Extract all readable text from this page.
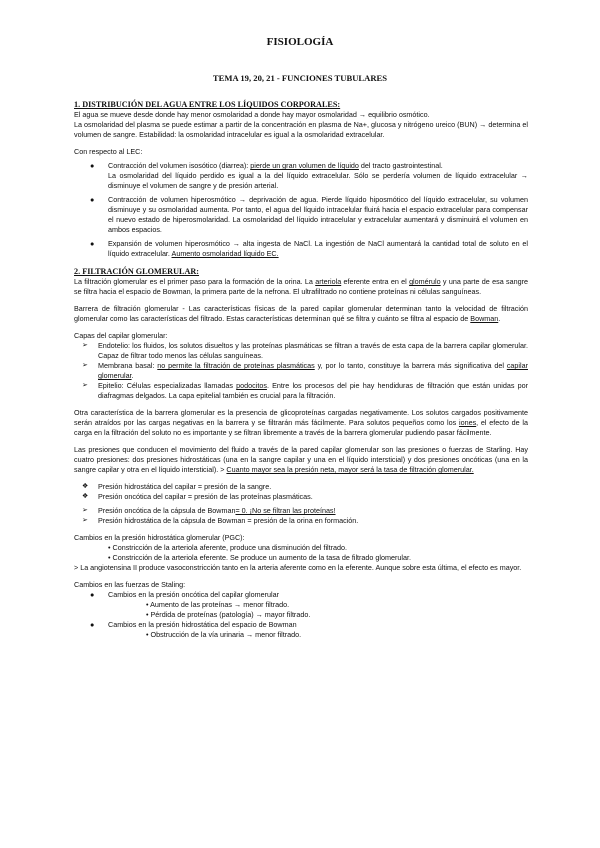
FISIOLOGÍA
TEMA 19, 20, 21 - FUNCIONES TUBULARES
1. DISTRIBUCIÓN DEL AGUA ENTRE LOS LÍQUIDOS CORPORALES:

El agua se mueve desde donde hay menor osmolaridad a donde hay mayor osmolaridad → equilibrio osmótico.

La osmolaridad del plasma se puede estimar a partir de la concentración en plasma de Na+, glucosa y nitrógeno ureico (BUN) → determina el volumen de sangre. Estabilidad: la osmolaridad intracelular es igual a la osmolaridad extracelular.

Con respecto al LEC:

● Contracción del volumen isosótico (diarrea): pierde un gran volumen de líquido del tracto gastrointestinal.
La osmolaridad del líquido perdido es igual a la del líquido extracelular. Sólo se perdería volumen de líquido extracelular → disminuye el volumen de sangre y de presión arterial.
● Contracción de volumen hiperosmótico → deprivación de agua. Pierde líquido hiposmótico del líquido extracelular, su volumen disminuye y su osmolaridad aumenta. Por tanto, el agua del líquido intracelular fluirá hacia el espacio extracelular para compensar el nuevo estado de hiperosmolaridad. La osmolaridad del líquido intracelular y extracelular aumentará y disminuirá el volumen en ambos espacios.
● Expansión de volumen hiperosmótico → alta ingesta de NaCl. La ingestión de NaCl aumentará la cantidad total de soluto en el líquido extracelular. Aumento osmolaridad líquido EC.
2. FILTRACIÓN GLOMERULAR:

La filtración glomerular es el primer paso para la formación de la orina. La arteriola eferente entra en el glomérulo y una parte de esa sangre se filtra hacia el espacio de Bowman, la primera parte de la nefrona. El ultrafiltrado no contiene proteínas ni células sanguíneas.

Barrera de filtración glomerular - Las características físicas de la pared capilar glomerular determinan tanto la velocidad de filtración glomerular como las características del filtrado. Estas características determinan qué se filtra y cuánto se filtra al espacio de Bowman.

Capas del capilar glomerular:

➢ Endotelio: los fluidos, los solutos disueltos y las proteínas plasmáticas se filtran a través de esta capa de la barrera capilar glomerular. Capaz de filtrar todo menos las células sanguíneas.
➢ Membrana basal: no permite la filtración de proteínas plasmáticas y, por lo tanto, constituye la barrera más significativa del capilar glomerular.
➢ Epitelio: Células especializadas llamadas podocitos. Entre los procesos del pie hay hendiduras de filtración que están unidas por diafragmas delgados. La capa epitelial también es crucial para la filtración.

Otra característica de la barrera glomerular es la presencia de glicoproteínas cargadas negativamente. Los solutos cargados positivamente serán atraídos por las cargas negativas en la barrera y se filtrarán más fácilmente. Para solutos pequeños como los iones, el efecto de la carga en la filtración del soluto no es importante y se filtran libremente a través de la barrera glomerular pudiendo pasar fácilmente.

Las presiones que conducen el movimiento del fluido a través de la pared capilar glomerular son las presiones o fuerzas de Starling. Hay cuatro presiones: dos presiones hidrostáticas (una en la sangre capilar y una en el líquido intersticial) y dos presiones oncóticas (una en la sangre capilar y otra en el líquido intersticial). > Cuanto mayor sea la presión neta, mayor será la tasa de filtración glomerular.

❖ Presión hidrostática del capilar = presión de la sangre.
❖ Presión oncótica del capilar = presión de las proteínas plasmáticas.
➢ Presión oncótica de la cápsula de Bowman= 0. ¡No se filtran las proteínas!
➢ Presión hidrostática de la cápsula de Bowman = presión de la orina en formación.

Cambios en la presión hidrostática glomerular (PGC):

• Constricción de la arteriola aferente, produce una disminución del filtrado.
• Constricción de la arteriola eferente. Se produce un aumento de la tasa de filtrado glomerular.

> La angiotensina II produce vasoconstricción tanto en la arteria aferente como en la eferente. Aunque sobre esta última, el efecto es mayor.

Cambios en las fuerzas de Staling:

● Cambios en la presión oncótica del capilar glomerular
• Aumento de las proteínas → menor filtrado.
• Pérdida de proteínas (patología) → mayor filtrado.
● Cambios en la presión hidrostática del espacio de Bowman
• Obstrucción de la vía urinaria → menor filtrado.
